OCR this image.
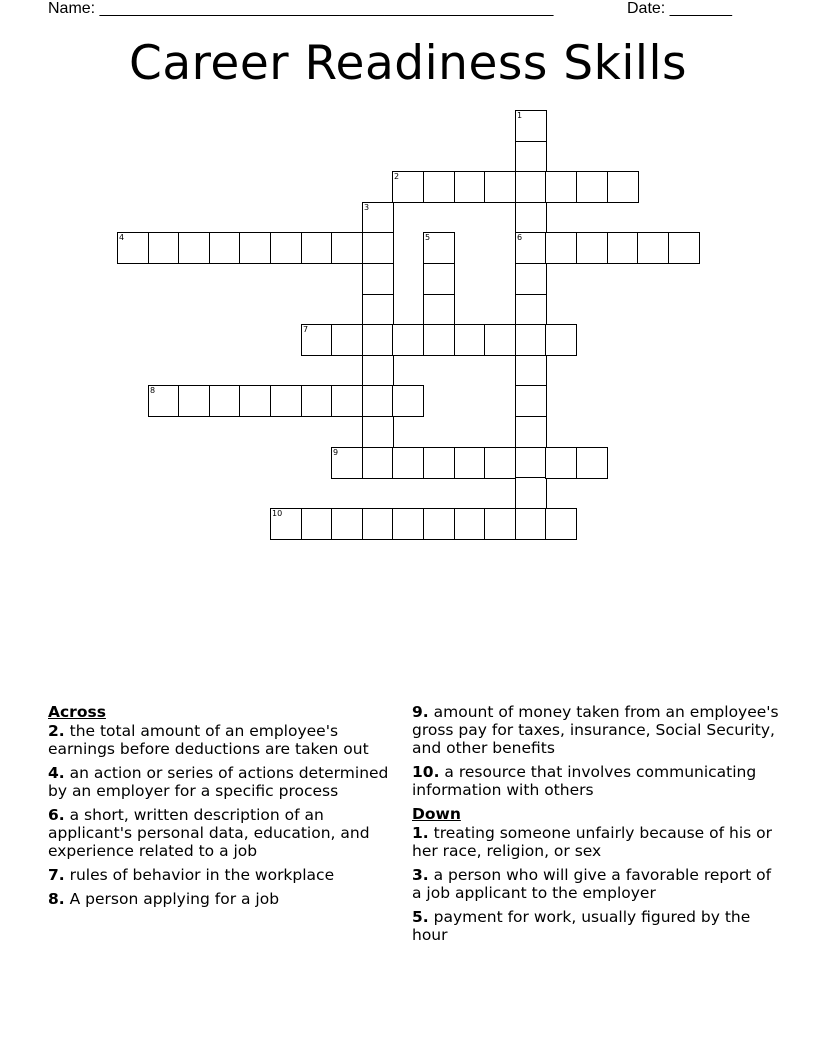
Name: ___________________________________________________	Date: _______
Career Readiness Skills
1
6
2
3
4	5
7
8
9
10
Across
2. the total amount of an employee's earnings before deductions are taken out
4. an action or series of actions determined by an employer for a specific process
6. a short, written description of an applicant's personal data, education, and experience related to a job
7. rules of behavior in the workplace
8. A person applying for a job
9. amount of money taken from an employee's gross pay for taxes, insurance, Social Security, and other benefits
10. a resource that involves communicating information with others
Down
1. treating someone unfairly because of his or her race, religion, or sex
3. a person who will give a favorable report of a job applicant to the employer
5. payment for work, usually figured by the hour
